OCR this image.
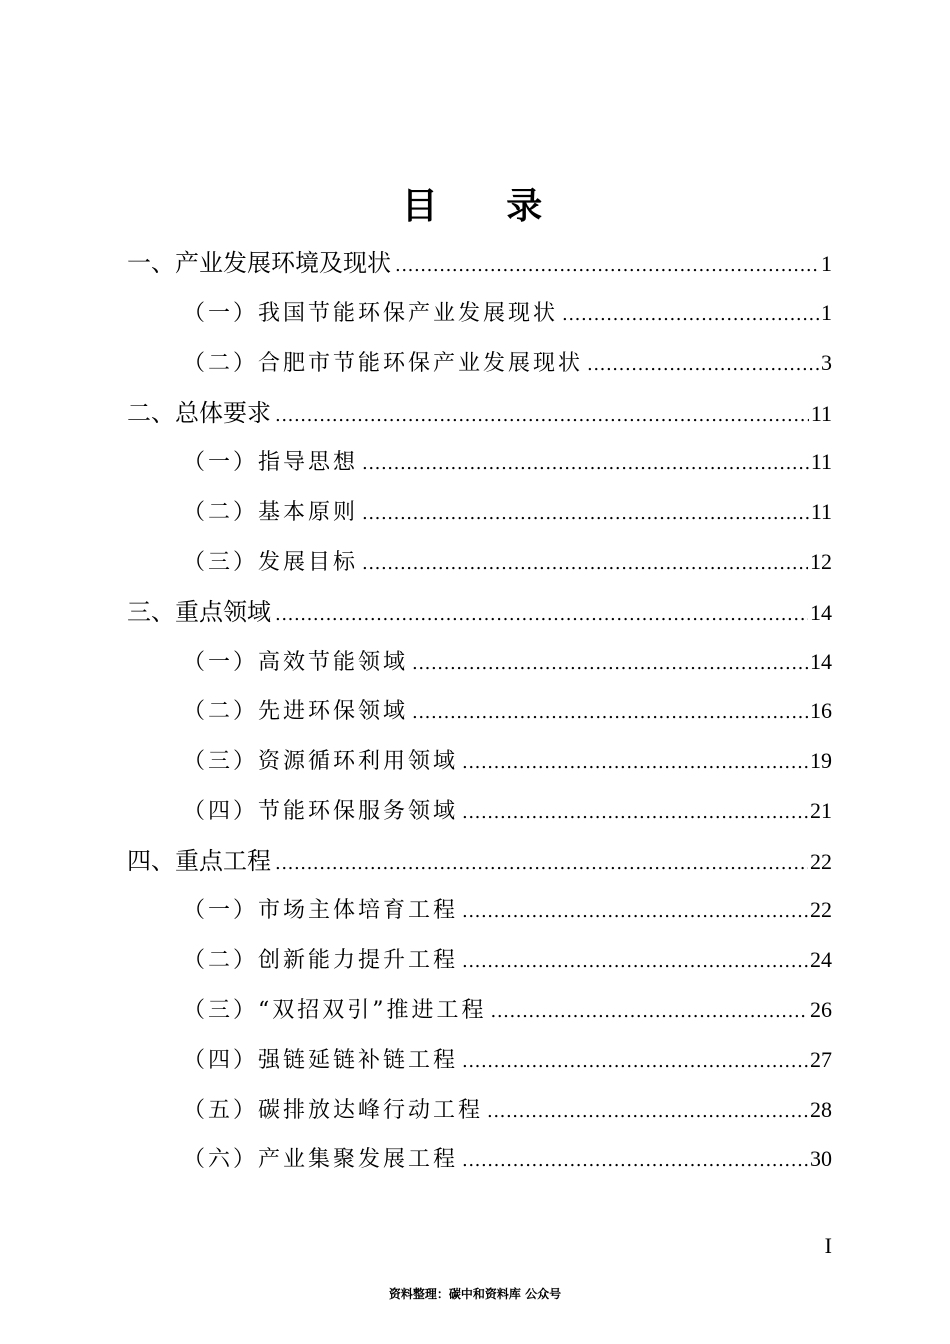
目 录
一、产业发展环境及现状 .....	1
（一）我国节能环保产业发展现状 .....	1
（二）合肥市节能环保产业发展现状 .....	3
二、总体要求 .....	11
（一）指导思想 .....	11
（二）基本原则 .....	11
（三）发展目标 .....	12
三、重点领域 .....	14
（一）高效节能领域 .....	14
（二）先进环保领域 .....	16
（三）资源循环利用领域 .....	19
（四）节能环保服务领域 .....	21
四、重点工程 .....	22
（一）市场主体培育工程 .....	22
（二）创新能力提升工程 .....	24
（三）“双招双引”推进工程 .....	26
（四）强链延链补链工程 .....	27
（五）碳排放达峰行动工程 .....	28
（六）产业集聚发展工程 .....	30
I
资料整理：碳中和资料库 公众号
